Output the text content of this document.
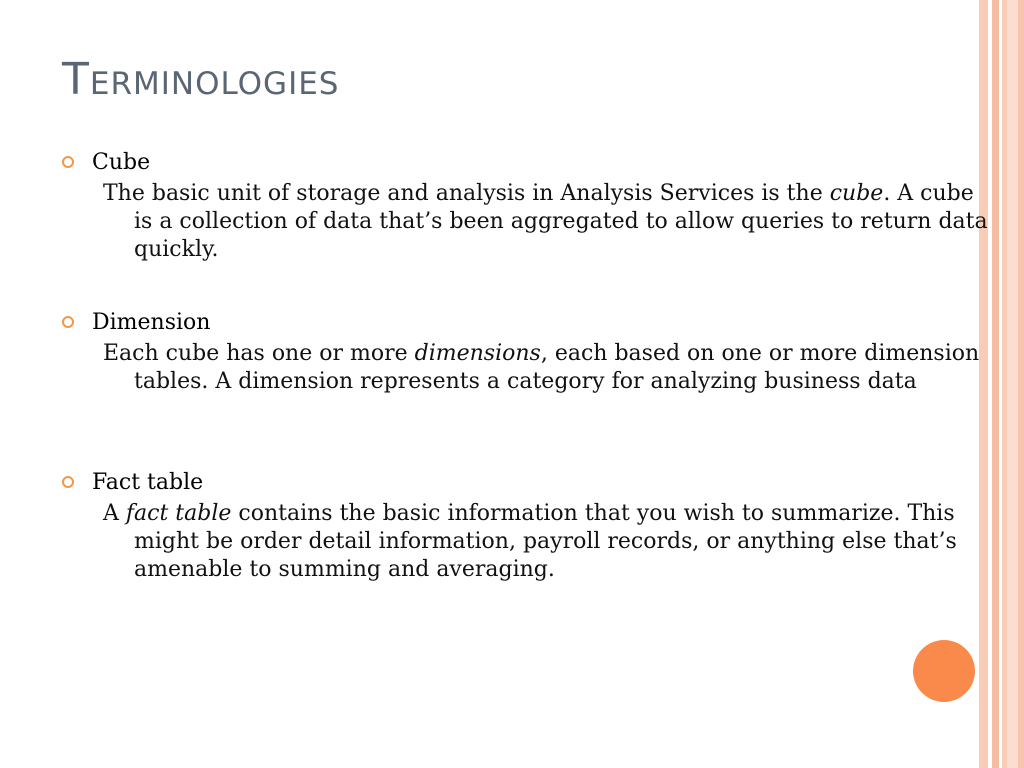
Terminologies
Cube
The basic unit of storage and analysis in Analysis Services is the cube. A cube is a collection of data that’s been aggregated to allow queries to return data quickly.
Dimension
Each cube has one or more dimensions, each based on one or more dimension tables. A dimension represents a category for analyzing business data
Fact table
A fact table contains the basic information that you wish to summarize. This might be order detail information, payroll records, or anything else that’s amenable to summing and averaging.
